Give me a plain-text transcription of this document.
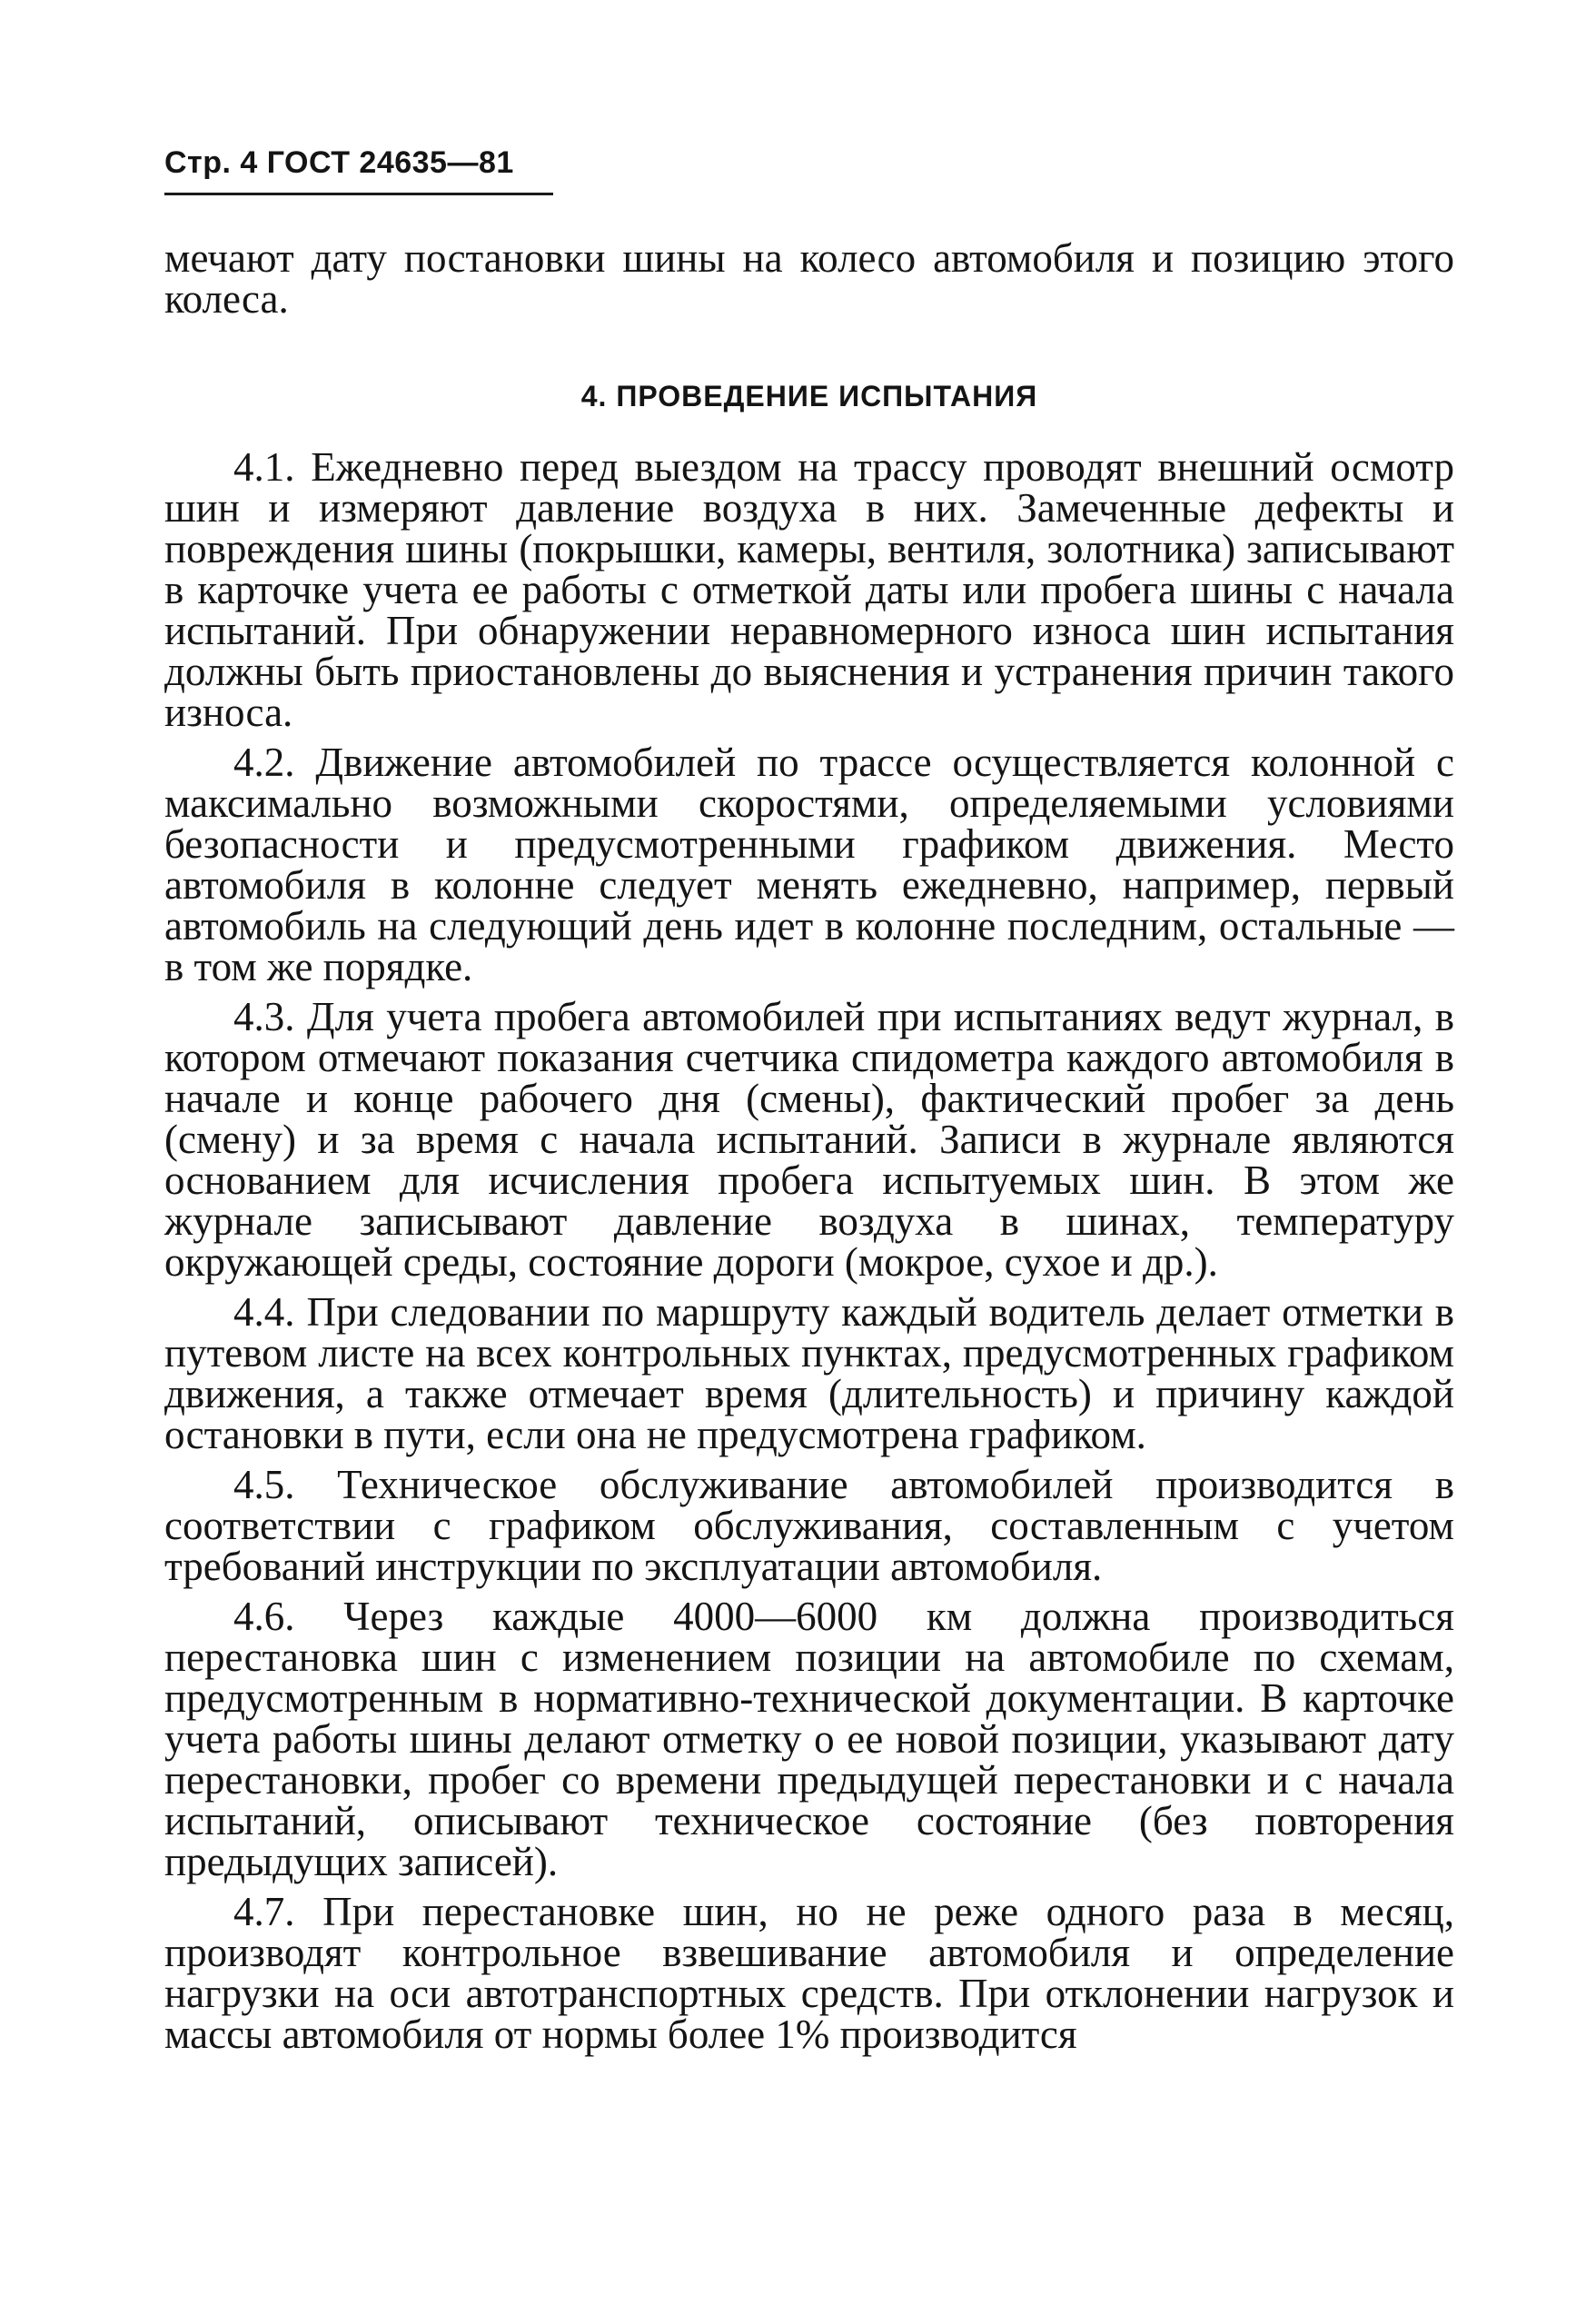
Стр. 4 ГОСТ 24635—81

мечают дату постановки шины на колесо автомобиля и позицию этого колеса.

4. ПРОВЕДЕНИЕ ИСПЫТАНИЯ

4.1. Ежедневно перед выездом на трассу проводят внешний осмотр шин и измеряют давление воздуха в них. Замеченные дефекты и повреждения шины (покрышки, камеры, вентиля, золотника) записывают в карточке учета ее работы с отметкой даты или пробега шины с начала испытаний. При обнаружении неравномерного износа шин испытания должны быть приостановлены до выяснения и устранения причин такого износа.

4.2. Движение автомобилей по трассе осуществляется колонной с максимально возможными скоростями, определяемыми условиями безопасности и предусмотренными графиком движения. Место автомобиля в колонне следует менять ежедневно, например, первый автомобиль на следующий день идет в колонне последним, остальные — в том же порядке.

4.3. Для учета пробега автомобилей при испытаниях ведут журнал, в котором отмечают показания счетчика спидометра каждого автомобиля в начале и конце рабочего дня (смены), фактический пробег за день (смену) и за время с начала испытаний. Записи в журнале являются основанием для исчисления пробега испытуемых шин. В этом же журнале записывают давление воздуха в шинах, температуру окружающей среды, состояние дороги (мокрое, сухое и др.).

4.4. При следовании по маршруту каждый водитель делает отметки в путевом листе на всех контрольных пунктах, предусмотренных графиком движения, а также отмечает время (длительность) и причину каждой остановки в пути, если она не предусмотрена графиком.

4.5. Техническое обслуживание автомобилей производится в соответствии с графиком обслуживания, составленным с учетом требований инструкции по эксплуатации автомобиля.

4.6. Через каждые 4000—6000 км должна производиться перестановка шин с изменением позиции на автомобиле по схемам, предусмотренным в нормативно-технической документации. В карточке учета работы шины делают отметку о ее новой позиции, указывают дату перестановки, пробег со времени предыдущей перестановки и с начала испытаний, описывают техническое состояние (без повторения предыдущих записей).

4.7. При перестановке шин, но не реже одного раза в месяц, производят контрольное взвешивание автомобиля и определение нагрузки на оси автотранспортных средств. При отклонении нагрузок и массы автомобиля от нормы более 1% производится
